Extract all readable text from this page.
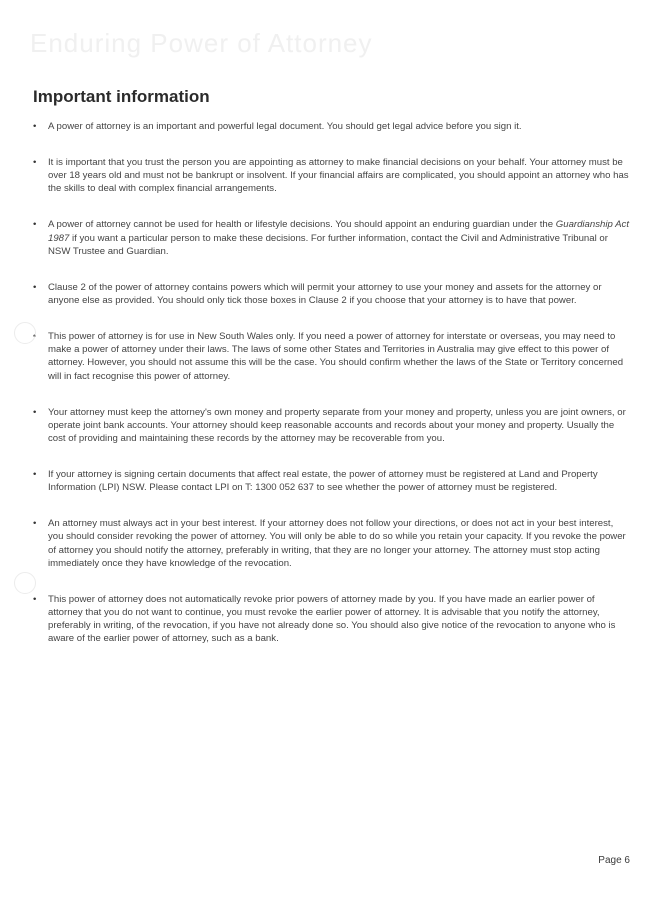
Enduring Power of Attorney
Important information
• A power of attorney is an important and powerful legal document. You should get legal advice before you sign it.
• It is important that you trust the person you are appointing as attorney to make financial decisions on your behalf. Your attorney must be over 18 years old and must not be bankrupt or insolvent. If your financial affairs are complicated, you should appoint an attorney who has the skills to deal with complex financial arrangements.
• A power of attorney cannot be used for health or lifestyle decisions. You should appoint an enduring guardian under the Guardianship Act 1987 if you want a particular person to make these decisions. For further information, contact the Civil and Administrative Tribunal or NSW Trustee and Guardian.
• Clause 2 of the power of attorney contains powers which will permit your attorney to use your money and assets for the attorney or anyone else as provided. You should only tick those boxes in Clause 2 if you choose that your attorney is to have that power.
• This power of attorney is for use in New South Wales only. If you need a power of attorney for interstate or overseas, you may need to make a power of attorney under their laws. The laws of some other States and Territories in Australia may give effect to this power of attorney. However, you should not assume this will be the case. You should confirm whether the laws of the State or Territory concerned will in fact recognise this power of attorney.
• Your attorney must keep the attorney's own money and property separate from your money and property, unless you are joint owners, or operate joint bank accounts. Your attorney should keep reasonable accounts and records about your money and property. Usually the cost of providing and maintaining these records by the attorney may be recoverable from you.
• If your attorney is signing certain documents that affect real estate, the power of attorney must be registered at Land and Property Information (LPI) NSW. Please contact LPI on T: 1300 052 637 to see whether the power of attorney must be registered.
• An attorney must always act in your best interest. If your attorney does not follow your directions, or does not act in your best interest, you should consider revoking the power of attorney. You will only be able to do so while you retain your capacity. If you revoke the power of attorney you should notify the attorney, preferably in writing, that they are no longer your attorney. The attorney must stop acting immediately once they have knowledge of the revocation.
• This power of attorney does not automatically revoke prior powers of attorney made by you. If you have made an earlier power of attorney that you do not want to continue, you must revoke the earlier power of attorney. It is advisable that you notify the attorney, preferably in writing, of the revocation, if you have not already done so. You should also give notice of the revocation to anyone who is aware of the earlier power of attorney, such as a bank.
Page 6
